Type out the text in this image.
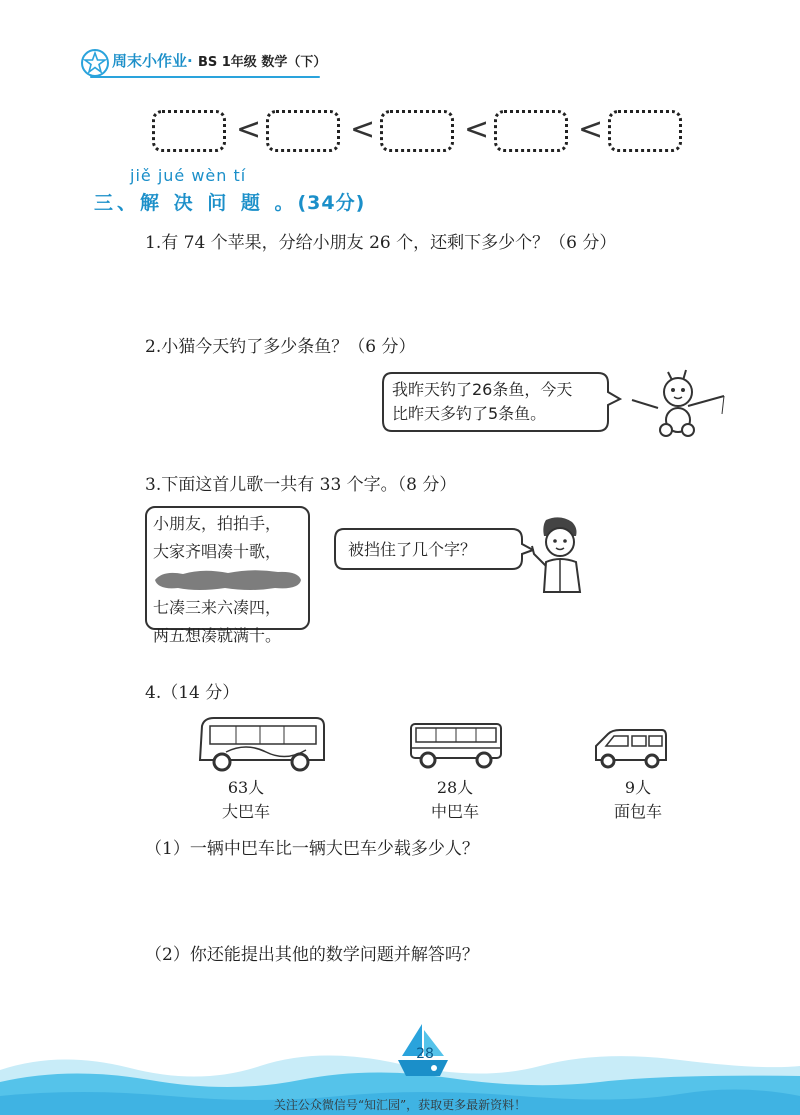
周末小作业· BS 1年级 数学（下）
<	<	<	<
jiě jué wèn tí
三、解 决 问 题 。(34分)
1.有 74 个苹果，分给小朋友 26 个，还剩下多少个？（6 分）
2.小猫今天钓了多少条鱼？（6 分）
我昨天钓了26条鱼，今天
比昨天多钓了5条鱼。
3.下面这首儿歌一共有 33 个字。（8 分）
小朋友，拍拍手，
大家齐唱凑十歌，
七凑三来六凑四，
两五想凑就满十。
被挡住了几个字？
4.（14 分）
63人
大巴车
28人
中巴车
9人
面包车
（1）一辆中巴车比一辆大巴车少载多少人？
（2）你还能提出其他的数学问题并解答吗？
28
关注公众微信号“知汇园”，获取更多最新资料！
